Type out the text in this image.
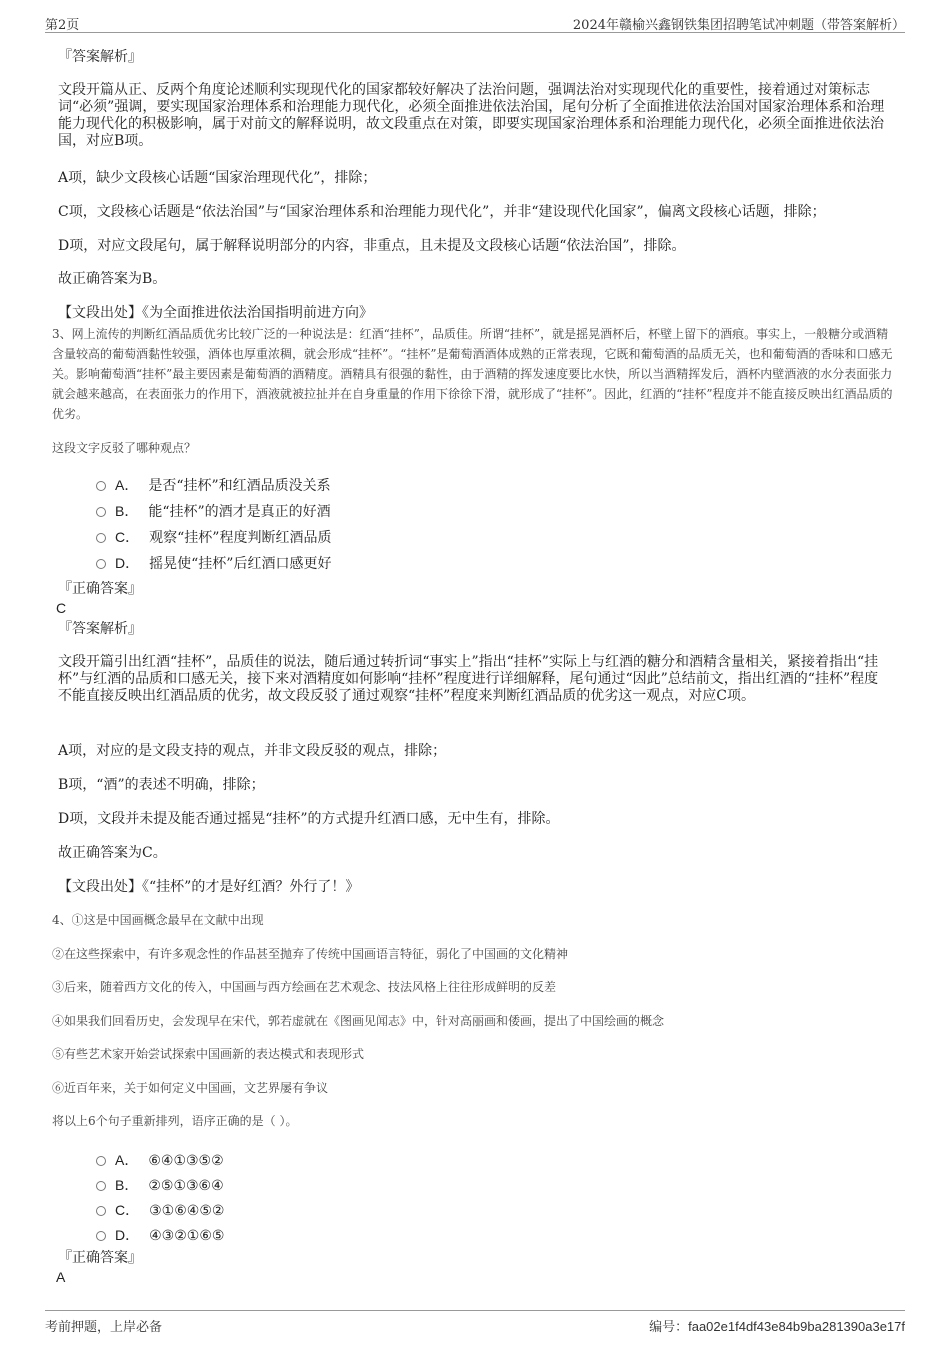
第2页	2024年赣榆兴鑫钢铁集团招聘笔试冲刺题（带答案解析）
『答案解析』
文段开篇从正、反两个角度论述顺利实现现代化的国家都较好解决了法治问题，强调法治对实现现代化的重要性，接着通过对策标志词“必须”强调，要实现国家治理体系和治理能力现代化，必须全面推进依法治国，尾句分析了全面推进依法治国对国家治理体系和治理能力现代化的积极影响，属于对前文的解释说明，故文段重点在对策，即要实现国家治理体系和治理能力现代化，必须全面推进依法治国，对应B项。
A项，缺少文段核心话题“国家治理现代化”，排除；
C项，文段核心话题是“依法治国”与“国家治理体系和治理能力现代化”，并非“建设现代化国家”，偏离文段核心话题，排除；
D项，对应文段尾句，属于解释说明部分的内容，非重点，且未提及文段核心话题“依法治国”，排除。
故正确答案为B。
【文段出处】《为全面推进依法治国指明前进方向》
3、网上流传的判断红酒品质优劣比较广泛的一种说法是：红酒“挂杯”，品质佳。所谓“挂杯”，就是摇晃酒杯后，杯壁上留下的酒痕。事实上，一般糖分或酒精含量较高的葡萄酒黏性较强，酒体也厚重浓稠，就会形成“挂杯”。“挂杯”是葡萄酒酒体成熟的正常表现，它既和葡萄酒的品质无关，也和葡萄酒的香味和口感无关。影响葡萄酒“挂杯”最主要因素是葡萄酒的酒精度。酒精具有很强的黏性，由于酒精的挥发速度要比水快，所以当酒精挥发后，酒杯内壁酒液的水分表面张力就会越来越高，在表面张力的作用下，酒液就被拉扯并在自身重量的作用下徐徐下滑，就形成了“挂杯”。因此，红酒的“挂杯”程度并不能直接反映出红酒品质的优劣。
这段文字反驳了哪种观点？
A． 是否“挂杯”和红酒品质没关系
B． 能“挂杯”的酒才是真正的好酒
C． 观察“挂杯”程度判断红酒品质
D． 摇晃使“挂杯”后红酒口感更好
『正确答案』
C
『答案解析』
文段开篇引出红酒“挂杯”，品质佳的说法，随后通过转折词“事实上”指出“挂杯”实际上与红酒的糖分和酒精含量相关，紧接着指出“挂杯”与红酒的品质和口感无关，接下来对酒精度如何影响“挂杯”程度进行详细解释，尾句通过“因此”总结前文，指出红酒的“挂杯”程度不能直接反映出红酒品质的优劣，故文段反驳了通过观察“挂杯”程度来判断红酒品质的优劣这一观点，对应C项。
A项，对应的是文段支持的观点，并非文段反驳的观点，排除；
B项，“酒”的表述不明确，排除；
D项，文段并未提及能否通过摇晃“挂杯”的方式提升红酒口感，无中生有，排除。
故正确答案为C。
【文段出处】《“挂杯”的才是好红酒？外行了！》
4、①这是中国画概念最早在文献中出现
②在这些探索中，有许多观念性的作品甚至抛弃了传统中国画语言特征，弱化了中国画的文化精神
③后来，随着西方文化的传入，中国画与西方绘画在艺术观念、技法风格上往往形成鲜明的反差
④如果我们回看历史，会发现早在宋代，郭若虚就在《图画见闻志》中，针对高丽画和倭画，提出了中国绘画的概念
⑤有些艺术家开始尝试探索中国画新的表达模式和表现形式
⑥近百年来，关于如何定义中国画，文艺界屡有争议
将以上6个句子重新排列，语序正确的是（ ）。
A． ⑥④①③⑤②
B． ②⑤①③⑥④
C． ③①⑥④⑤②
D． ④③②①⑥⑤
『正确答案』
A
考前押题，上岸必备	编号：faa02e1f4df43e84b9ba281390a3e17f
